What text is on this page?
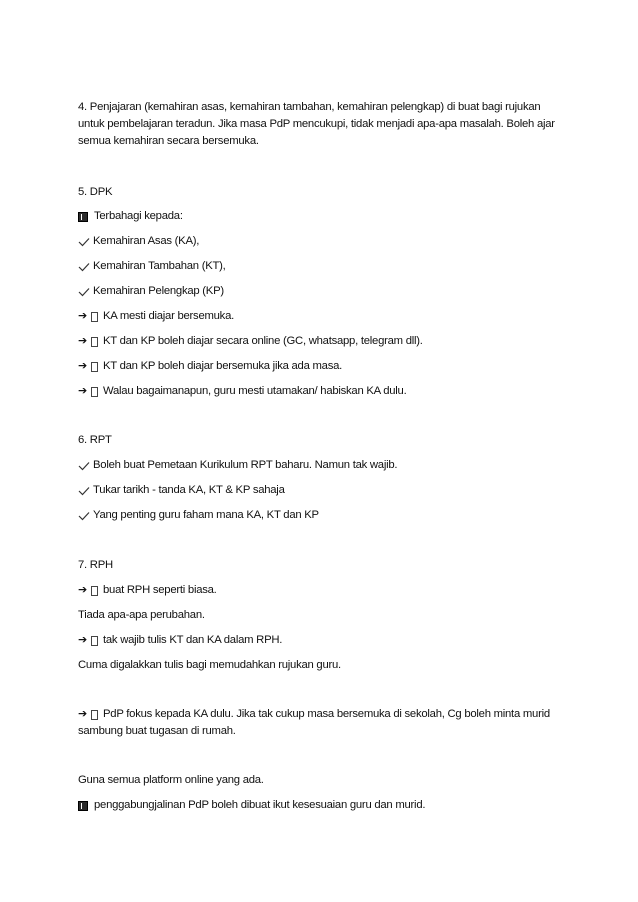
4. Penjajaran (kemahiran asas, kemahiran tambahan, kemahiran pelengkap) di buat bagi rujukan
untuk pembelajaran teradun. Jika masa PdP mencukupi, tidak menjadi apa-apa masalah. Boleh ajar
semua kemahiran secara bersemuka.
5. DPK
Terbahagi kepada:
Kemahiran Asas (KA),
Kemahiran Tambahan (KT),
Kemahiran Pelengkap (KP)
➔ KA mesti diajar bersemuka.
➔ KT dan KP boleh diajar secara online (GC, whatsapp, telegram dll).
➔ KT dan KP boleh diajar bersemuka jika ada masa.
➔ Walau bagaimanapun, guru mesti utamakan/ habiskan KA dulu.
6. RPT
Boleh buat Pemetaan Kurikulum RPT baharu. Namun tak wajib.
Tukar tarikh - tanda KA, KT & KP sahaja
Yang penting guru faham mana KA, KT dan KP
7. RPH
➔ buat RPH seperti biasa.
Tiada apa-apa perubahan.
➔ tak wajib tulis KT dan KA dalam RPH.
Cuma digalakkan tulis bagi memudahkan rujukan guru.
➔ PdP fokus kepada KA dulu. Jika tak cukup masa bersemuka di sekolah, Cg boleh minta murid
sambung buat tugasan di rumah.
Guna semua platform online yang ada.
penggabungjalinan PdP boleh dibuat ikut kesesuaian guru dan murid.
